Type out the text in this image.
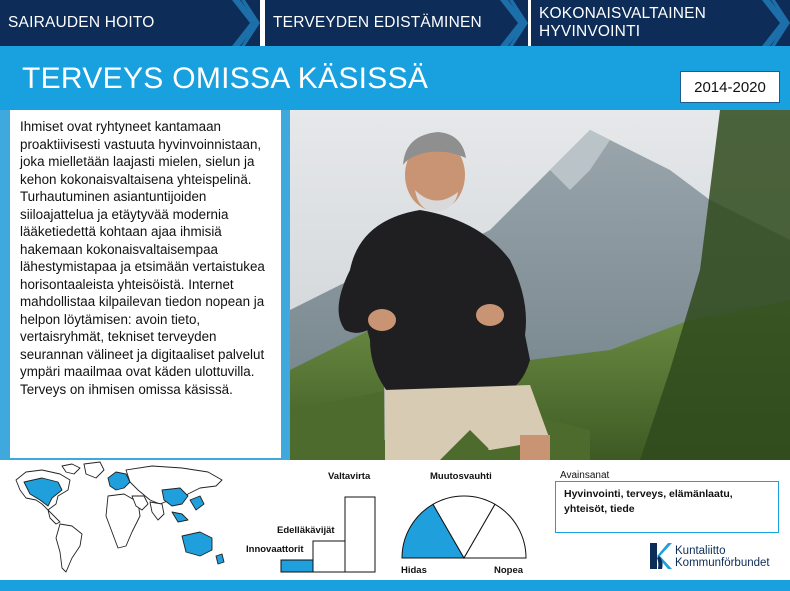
SAIRAUDEN HOITO	TERVEYDEN EDISTÄMINEN
KOKONAISVALTAINEN HYVINVOINTI
TERVEYS OMISSA KÄSISSÄ	2014-2020

Ihmiset ovat ryhtyneet kantamaan proaktiivisesti vastuuta hyvinvoinnistaan, joka mielletään laajasti mielen, sielun ja kehon kokonaisvaltaisena yhteispelinä. Turhautuminen asiantuntijoiden siiloajattelua ja etäytyvää modernia lääketiedettä kohtaan ajaa ihmisiä hakemaan kokonaisvaltaisempaa lähestymistapaa ja etsimään vertaistukea horisontaaleista yhteisöistä. Internet mahdollistaa kilpailevan tiedon nopean ja helpon löytämisen: avoin tieto, vertaisryhmät, tekniset terveyden seurannan välineet ja digitaaliset palvelut ympäri maailmaa ovat käden ulottuvilla. Terveys on ihmisen omissa käsissä.

Innovaattorit
Edelläkävijät
Valtavirta	Muutosvauhti
Hidas	Nopea
Avainsanat
Hyvinvointi, terveys, elämänlaatu, yhteisöt, tiede
Kuntaliitto
Kommunförbundet
